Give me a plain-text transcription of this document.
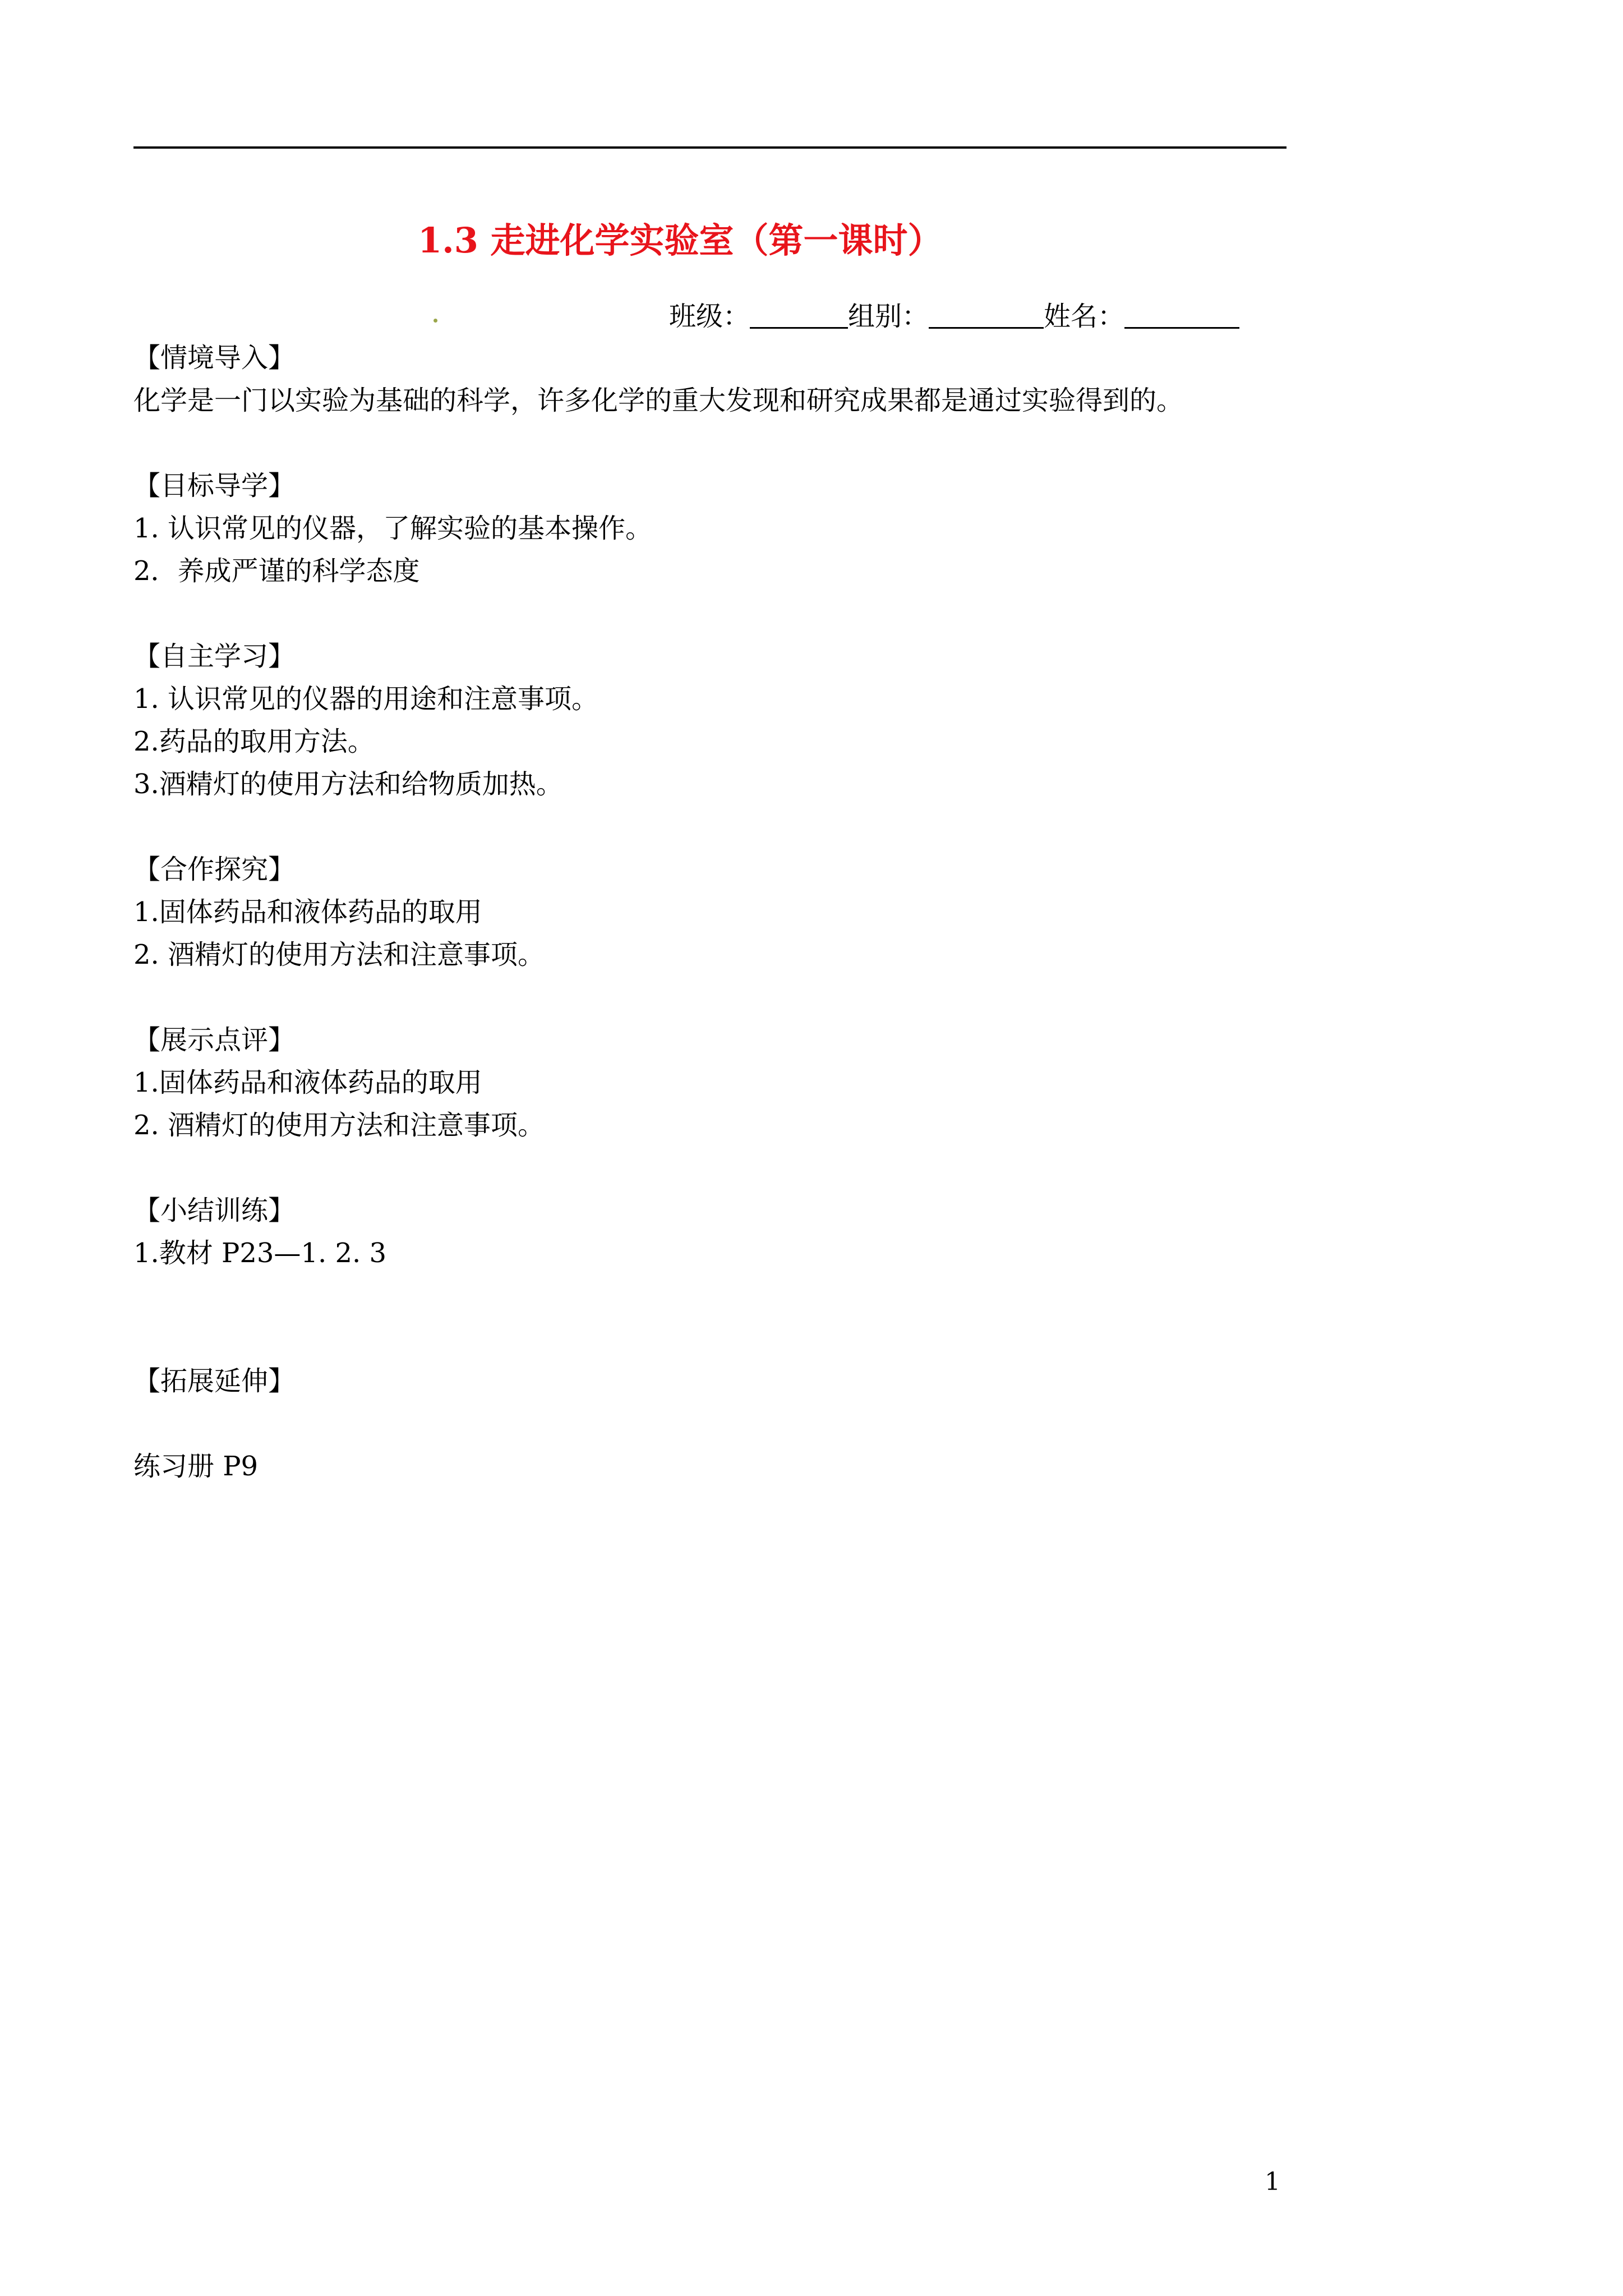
1.3 走进化学实验室（第一课时）
班级：	组别：	姓名：
【情境导入】
化学是一门以实验为基础的科学，许多化学的重大发现和研究成果都是通过实验得到的。
【目标导学】
1. 认识常见的仪器，了解实验的基本操作。
2．养成严谨的科学态度
【自主学习】
1. 认识常见的仪器的用途和注意事项。
2.药品的取用方法。
3.酒精灯的使用方法和给物质加热。
【合作探究】
1.固体药品和液体药品的取用
2. 酒精灯的使用方法和注意事项。
【展示点评】
1.固体药品和液体药品的取用
2. 酒精灯的使用方法和注意事项。
【小结训练】
1.教材 P23—1. 2. 3
【拓展延伸】
练习册 P9
1
